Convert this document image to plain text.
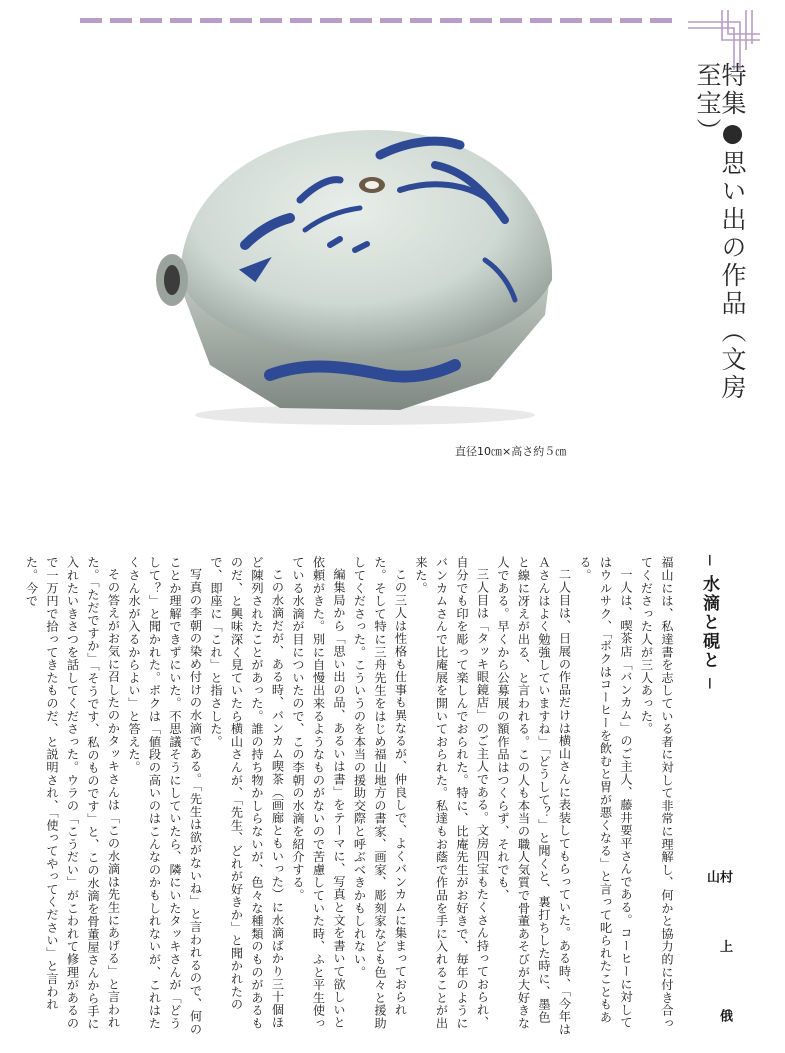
特集●思い出の作品（文房至宝）
直径10㎝×高さ約５㎝
─ 水滴と硯と ─
村 上 俄 山

福山には、私達書を志している者に対して非常に理解し、何かと協力的に付き合ってくださった人が三人あった。

一人は、喫茶店「バンカム」のご主人、藤井要平さんである。コーヒーに対してはウルサク、「ボクはコーヒーを飲むと胃が悪くなる」と言って叱られたこともある。

二人目は、日展の作品だけは横山さんに表装してもらっていた。ある時、「今年はＡさんはよく勉強していますね」「どうして？」と聞くと、裏打ちした時に、墨色と線に冴えが出る、と言われる。この人も本当の職人気質で骨董あそびが大好きな人である。早くから公募展の額作品はつくらず、それでも、

三人目は「タッキ眼鏡店」のご主人である。文房四宝もたくさん持っておられ、自分でも印を彫って楽しんでおられた。特に、比庵先生がお好きで、毎年のようにバンカムさんで比庵展を開いておられた。私達もお蔭で作品を手に入れることが出来た。

この三人は性格も仕事も異なるが、仲良しで、よくバンカムに集まっておられた。そして特に三舟先生をはじめ福山地方の書家、画家、彫刻家なども色々と援助してくださった。こういうのを本当の援助交際と呼ぶべきかもしれない。

編集局から「思い出の品、あるいは書」をテーマに、写真と文を書いて欲しいと依頼がきた。別に自慢出来るようなものがないので苦慮していた時、ふと平生使っている水滴が目についたので、この李朝の水滴を紹介する。

この水滴だが、ある時、バンカム喫茶（画廊ともいった）に水滴ばかり三十個ほど陳列されたことがあった。誰の持ち物かしらないが、色々な種類のものがあるものだ、と興味深く見ていたら横山さんが、「先生、どれが好きか」と聞かれたので、即座に「これ」と指さした。

写真の李朝の染め付けの水滴である。「先生は欲がないね」と言われるので、何のことか理解できずにいた。不思議そうにしていたら、隣にいたタッキさんが「どうして？」と聞かれた。ボクは「値段の高いのはこんなのかもしれないが、これはたくさん水が入るからよい」と答えた。

その答えがお気に召したのかタッキさんは「この水滴は先生にあげる」と言われた。「ただですか」「そうです、私のものです」と、この水滴を骨董屋さんから手に入れたいきさつを話してくださった。ウラの「こうだい」がこわれて修理があるので一万円で拾ってきたものだ、と説明され、「使ってやってください」と言われた。今で
